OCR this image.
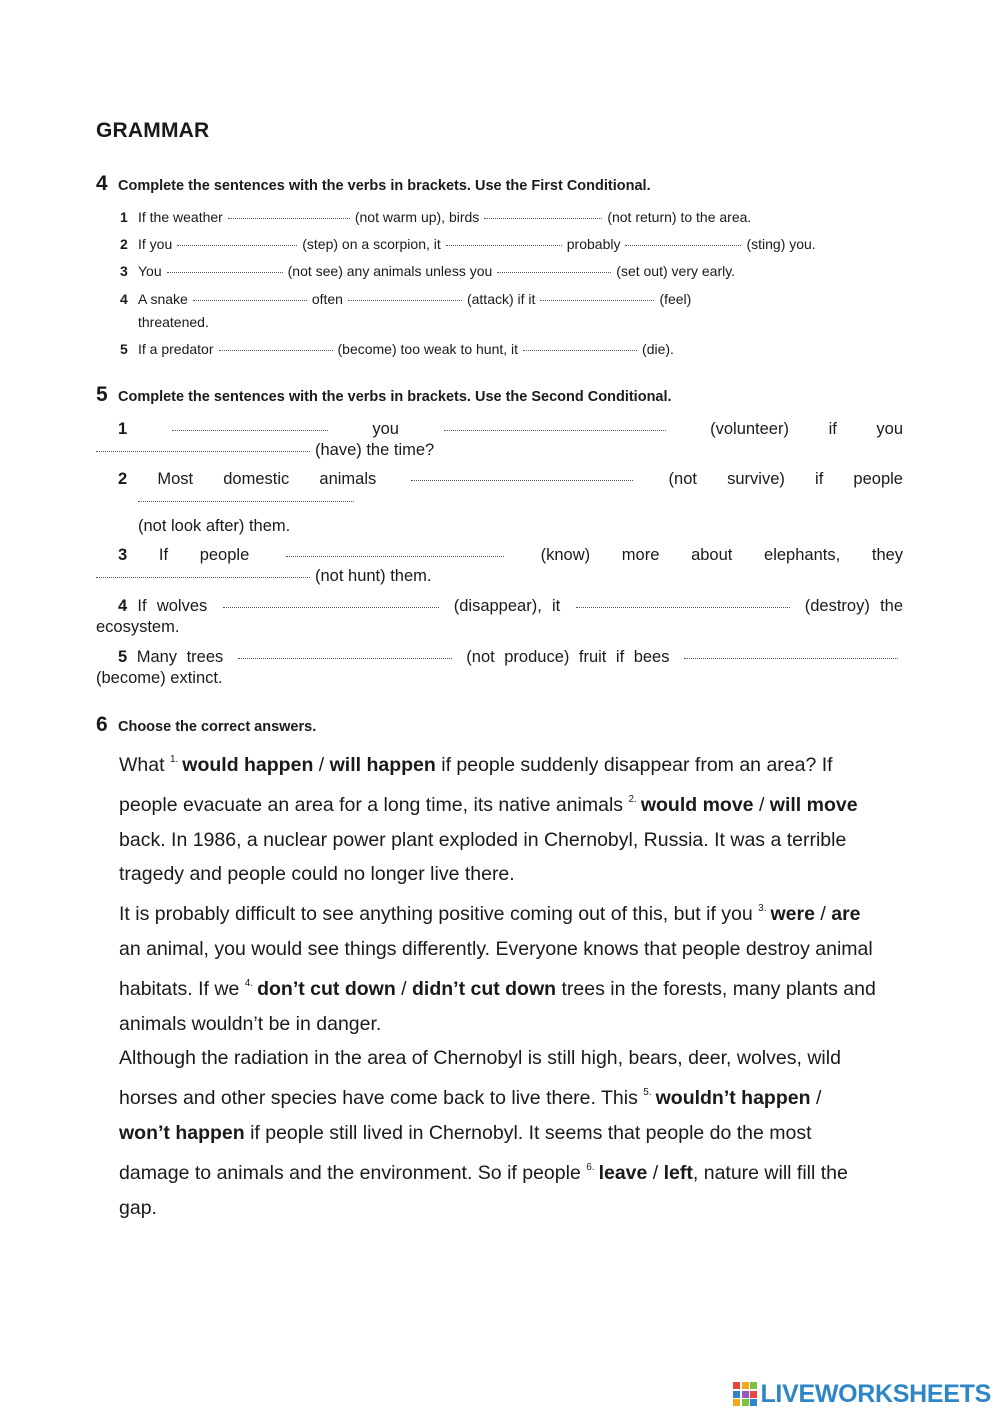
GRAMMAR
4 Complete the sentences with the verbs in brackets. Use the First Conditional.
1 If the weather	(not warm up), birds	(not return) to the area.
2 If you	(step) on a scorpion, it	probably	(sting) you.
3 You	(not see) any animals unless you	(set out) very early.
4 A snake	often	(attack) if it	(feel)
threatened.
5 If a predator	(become) too weak to hunt, it	(die).
5 Complete the sentences with the verbs in brackets. Use the Second Conditional.
1	you	(volunteer) if you
(have) the time?
2 Most domestic animals	(not survive) if people
(not look after) them.
3 If people	(know) more about elephants, they
(not hunt) them.
4 If wolves	(disappear), it	(destroy) the
ecosystem.
5 Many trees	(not produce) fruit if bees
(become) extinct.
6 Choose the correct answers.
What $^{1.}$ would happen / will happen if people suddenly disappear from an area? If
people evacuate an area for a long time, its native animals $^{2.}$ would move / will move
back. In 1986, a nuclear power plant exploded in Chernobyl, Russia. It was a terrible
tragedy and people could no longer live there.
It is probably difficult to see anything positive coming out of this, but if you $^{3.}$ were / are
an animal, you would see things differently. Everyone knows that people destroy animal
habitats. If we $^{4.}$ don’t cut down / didn’t cut down trees in the forests, many plants and
animals wouldn’t be in danger.
Although the radiation in the area of Chernobyl is still high, bears, deer, wolves, wild
horses and other species have come back to live there. This $^{5.}$ wouldn’t happen /
won’t happen if people still lived in Chernobyl. It seems that people do the most
damage to animals and the environment. So if people $^{6.}$ leave / left, nature will fill the
gap.
LIVEWORKSHEETS
